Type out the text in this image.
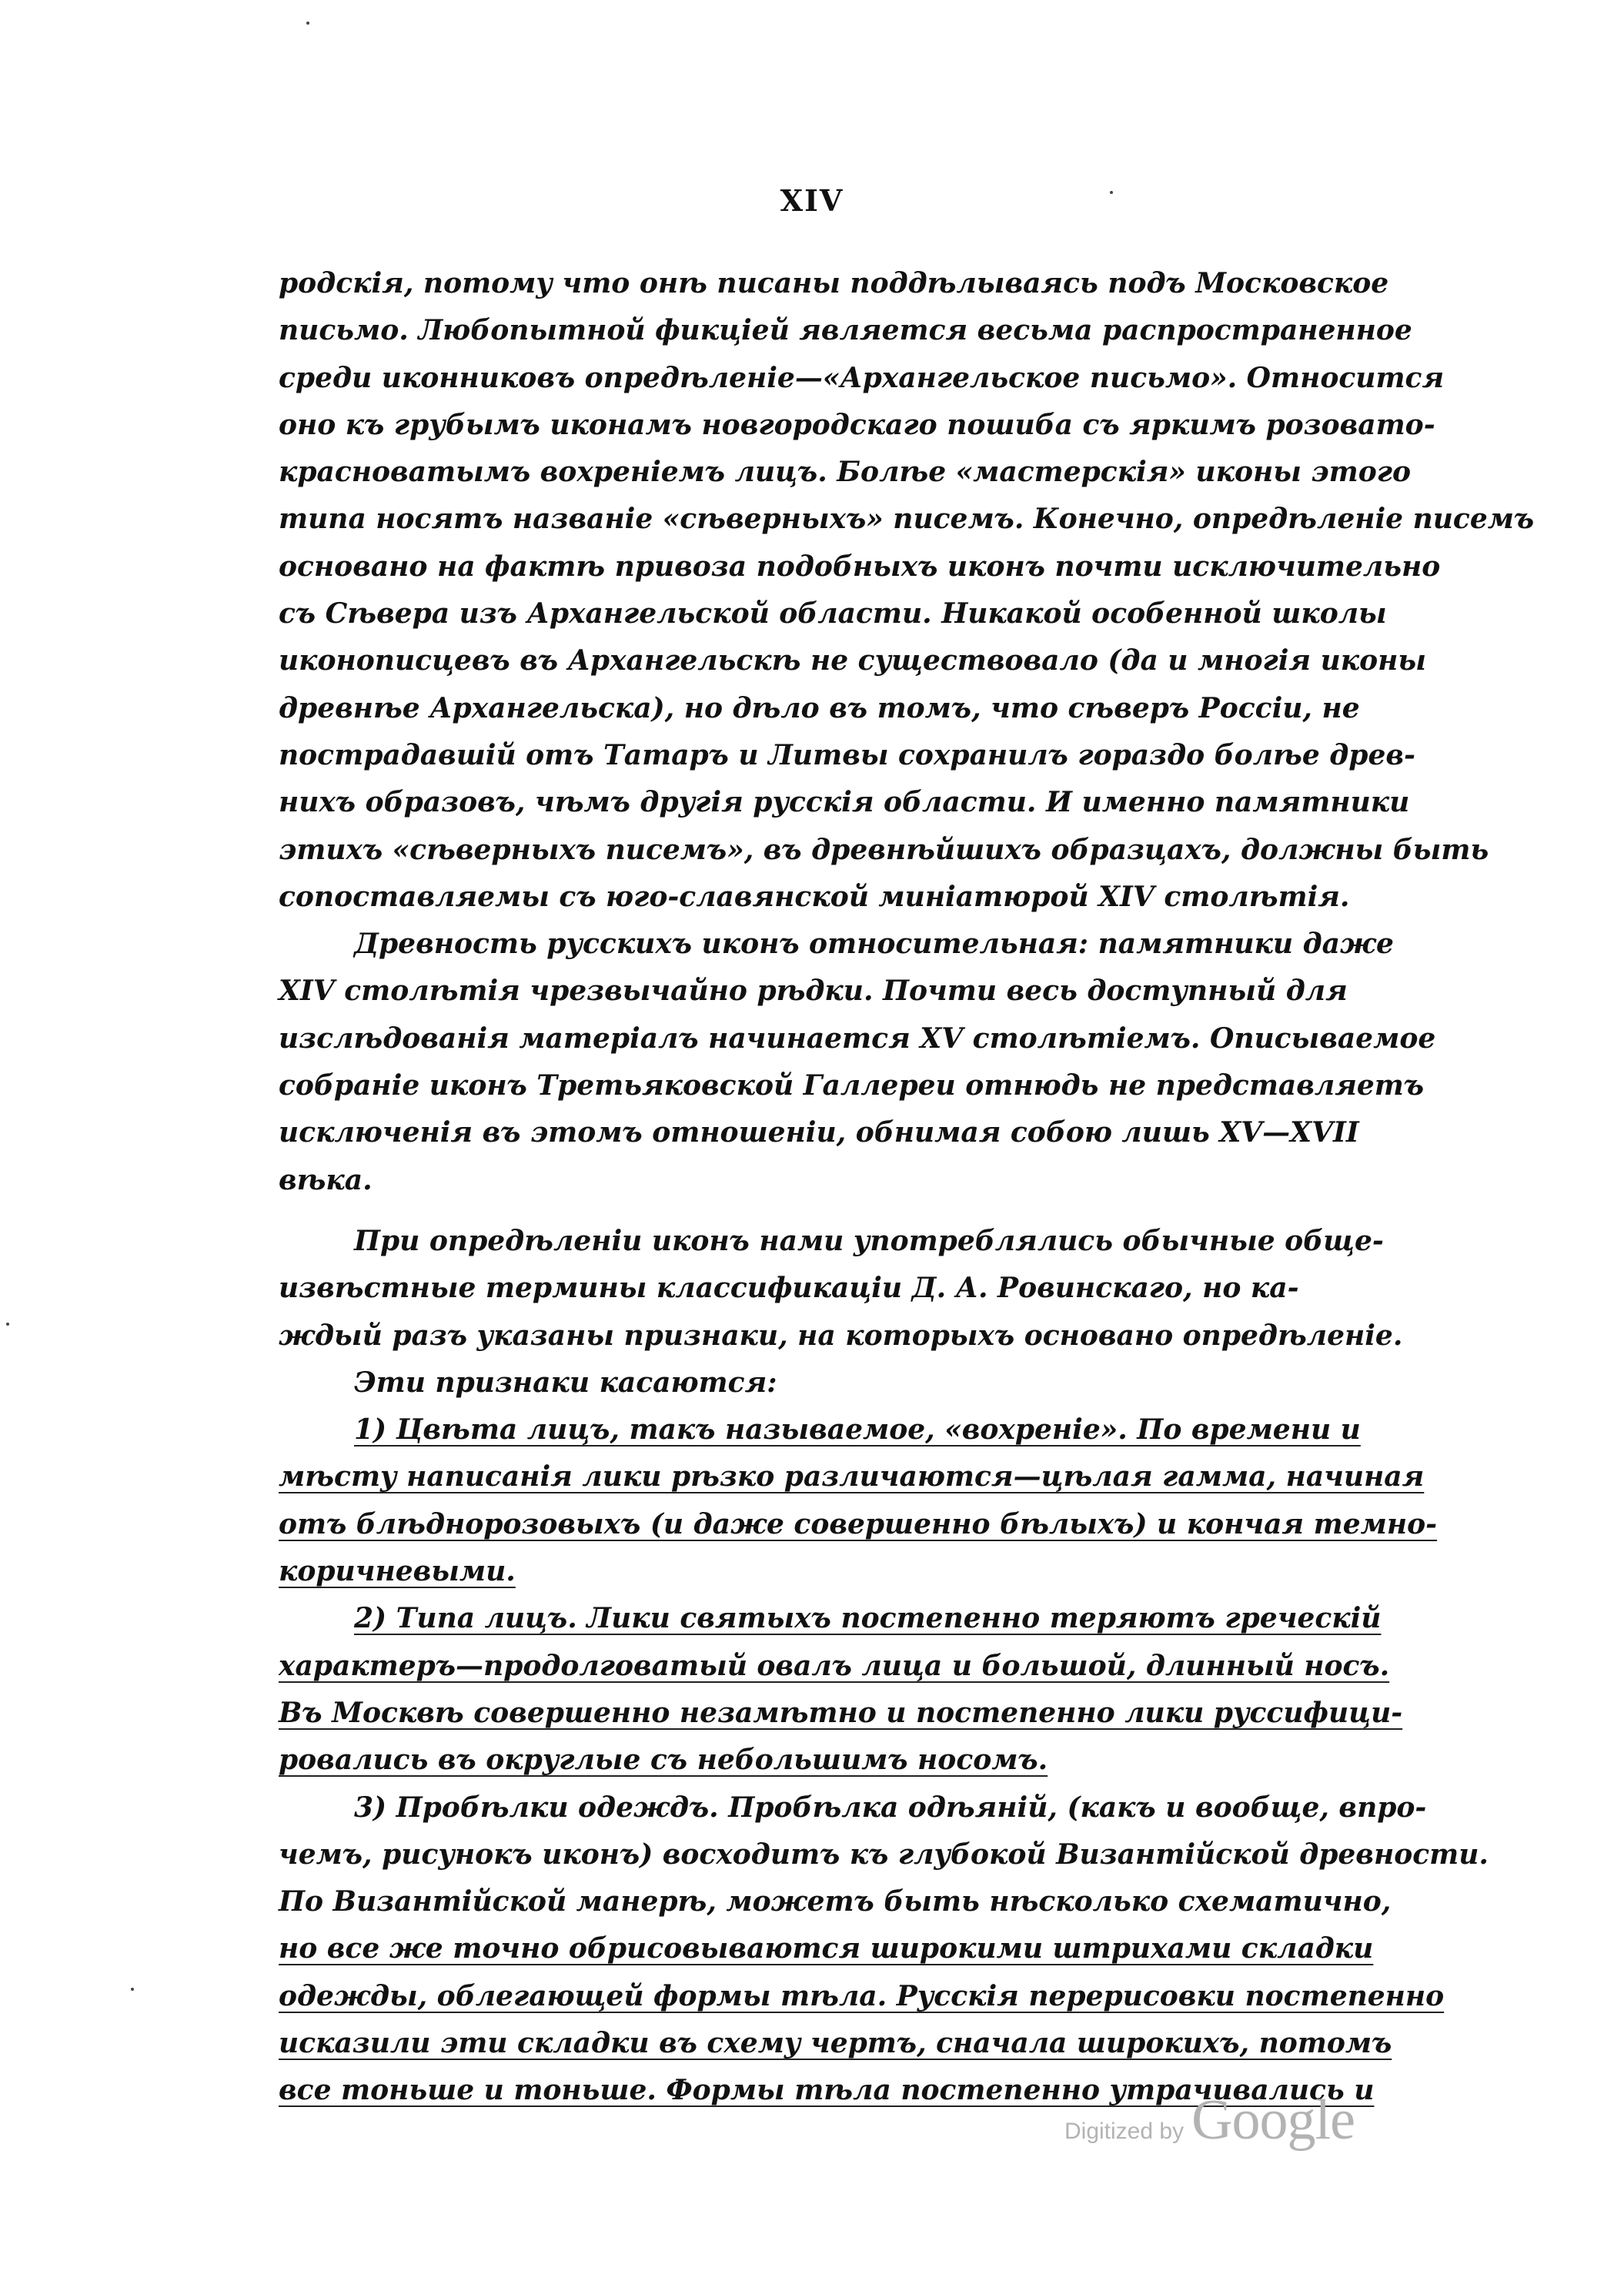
XIV
родскія, потому что онѣ писаны поддѣлываясь подъ Московское
письмо. Любопытной фикціей является весьма распространенное
среди иконниковъ опредѣленіе—«Архангельское письмо». Относится
оно къ грубымъ иконамъ новгородскаго пошиба съ яркимъ розовато-
красноватымъ вохреніемъ лицъ. Болѣе «мастерскія» иконы этого
типа носятъ названіе «сѣверныхъ» писемъ. Конечно, опредѣленіе писемъ
основано на фактѣ привоза подобныхъ иконъ почти исключительно
съ Сѣвера изъ Архангельской области. Никакой особенной школы
иконописцевъ въ Архангельскѣ не существовало (да и многія иконы
древнѣе Архангельска), но дѣло въ томъ, что сѣверъ Россіи, не
пострадавшій отъ Татаръ и Литвы сохранилъ гораздо болѣе древ-
нихъ образовъ, чѣмъ другія русскія области. И именно памятники
этихъ «сѣверныхъ писемъ», въ древнѣйшихъ образцахъ, должны быть
сопоставляемы съ юго-славянской миніатюрой XIV столѣтія.
Древность русскихъ иконъ относительная: памятники даже
XIV столѣтія чрезвычайно рѣдки. Почти весь доступный для
изслѣдованія матеріалъ начинается XV столѣтіемъ. Описываемое
собраніе иконъ Третьяковской Галлереи отнюдь не представляетъ
исключенія въ этомъ отношеніи, обнимая собою лишь XV—XVII
вѣка.
При опредѣленіи иконъ нами употреблялись обычные обще-
извѣстные термины классификаціи Д. А. Ровинскаго, но ка-
ждый разъ указаны признаки, на которыхъ основано опредѣленіе.
Эти признаки касаются:
1) Цвѣта лицъ, такъ называемое, «вохреніе». По времени и
мѣсту написанія лики рѣзко различаются—цѣлая гамма, начиная
отъ блѣднорозовыхъ (и даже совершенно бѣлыхъ) и кончая темно-
коричневыми.
2) Типа лицъ. Лики святыхъ постепенно теряютъ греческій
характеръ—продолговатый овалъ лица и большой, длинный носъ.
Въ Москвѣ совершенно незамѣтно и постепенно лики руссифици-
ровались въ округлые съ небольшимъ носомъ.
3) Пробѣлки одеждъ. Пробѣлка одѣяній, (какъ и вообще, впро-
чемъ, рисунокъ иконъ) восходитъ къ глубокой Византійской древности.
По Византійской манерѣ, можетъ быть нѣсколько схематично,
но все же точно обрисовываются широкими штрихами складки
одежды, облегающей формы тѣла. Русскія перерисовки постепенно
исказили эти складки въ схему чертъ, сначала широкихъ, потомъ
все тоньше и тоньше. Формы тѣла постепенно утрачивались и
Digitized by Google
